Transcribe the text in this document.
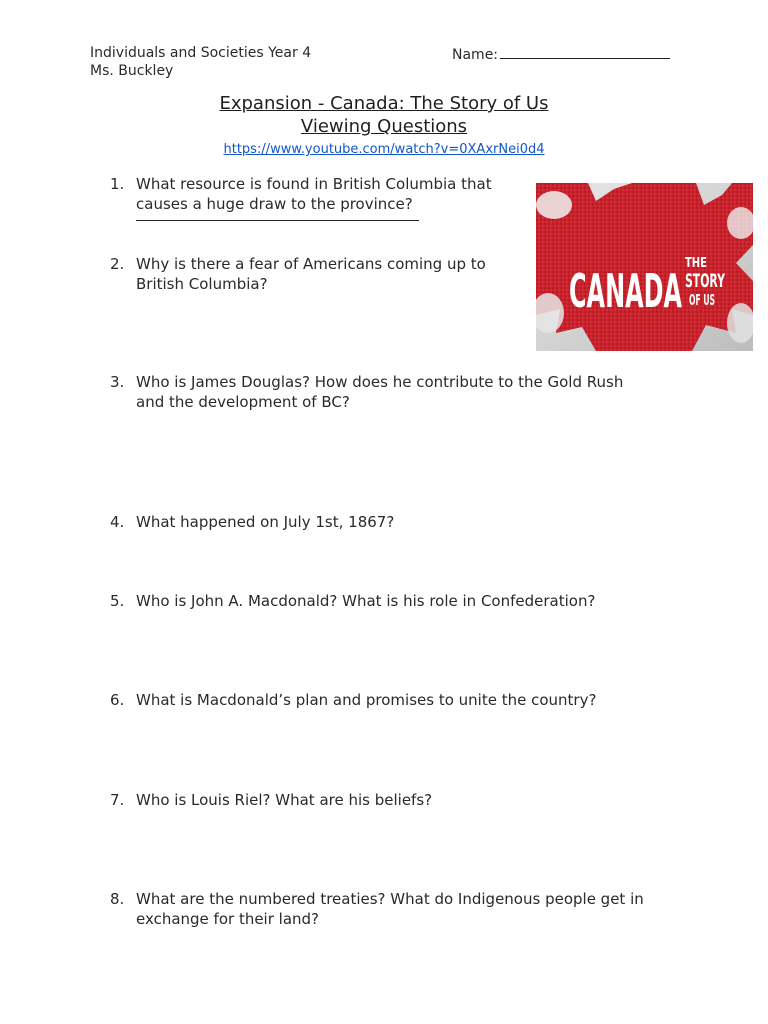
Individuals and Societies Year 4
Ms. Buckley
Name:
Expansion - Canada: The Story of Us
Viewing Questions
https://www.youtube.com/watch?v=0XAxrNei0d4
1. What resource is found in British Columbia that
causes a huge draw to the province?
2. Why is there a fear of Americans coming up to
British Columbia?
3. Who is James Douglas? How does he contribute to the Gold Rush
and the development of BC?
4. What happened on July 1st, 1867?
5. Who is John A. Macdonald? What is his role in Confederation?
6. What is Macdonald’s plan and promises to unite the country?
7. Who is Louis Riel? What are his beliefs?
8. What are the numbered treaties? What do Indigenous people get in
exchange for their land?
CANADA
THE
STORY
OF US
